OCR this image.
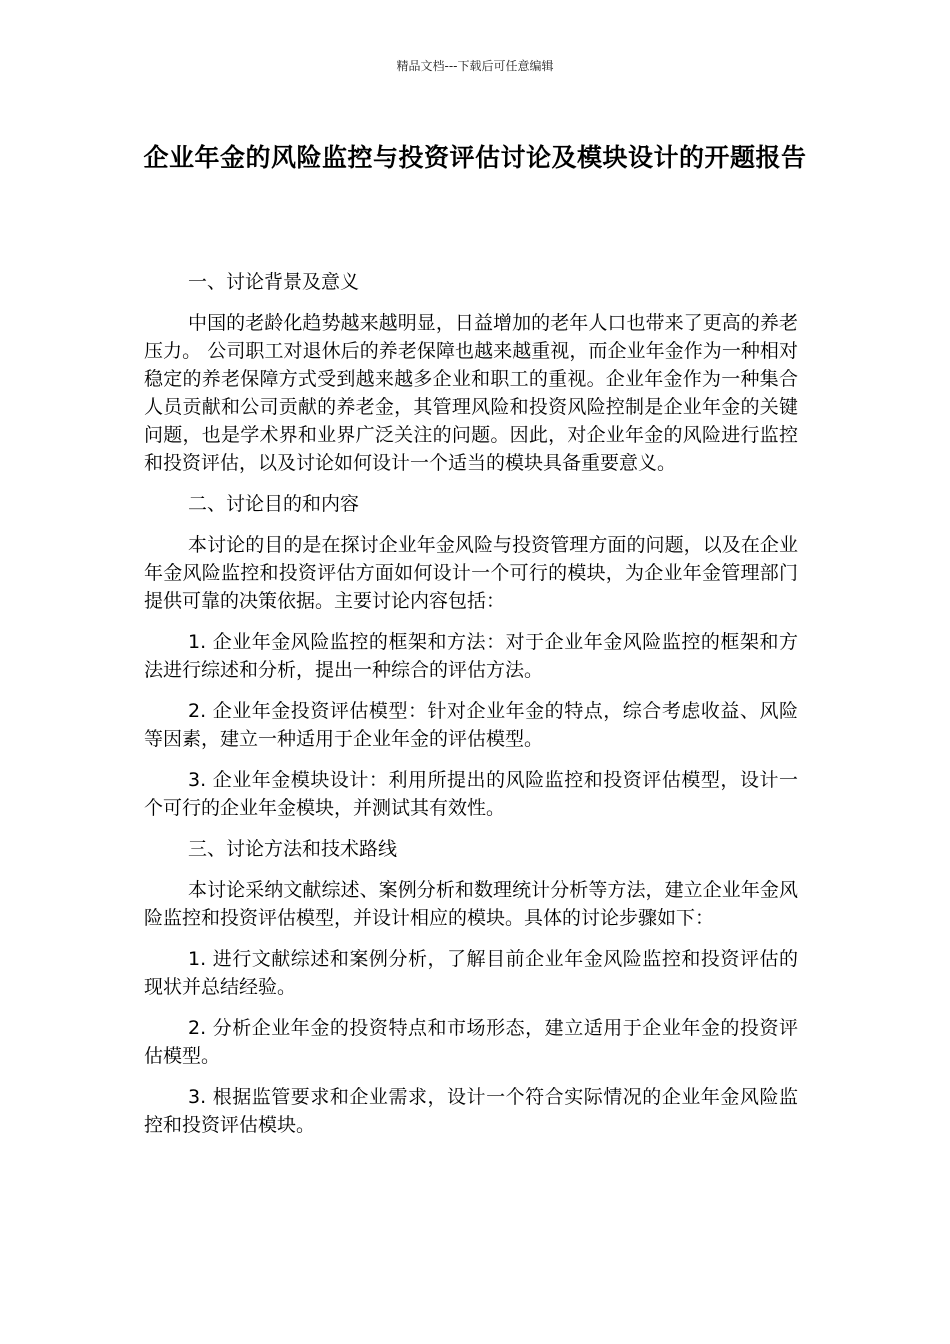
精品文档---下载后可任意编辑
企业年金的风险监控与投资评估讨论及模块设计的开题报告

一、讨论背景及意义

中国的老龄化趋势越来越明显，日益增加的老年人口也带来了更高的养老压力。 公司职工对退休后的养老保障也越来越重视，而企业年金作为一种相对稳定的养老保障方式受到越来越多企业和职工的重视。企业年金作为一种集合人员贡献和公司贡献的养老金，其管理风险和投资风险控制是企业年金的关键问题，也是学术界和业界广泛关注的问题。因此，对企业年金的风险进行监控和投资评估，以及讨论如何设计一个适当的模块具备重要意义。

二、讨论目的和内容

本讨论的目的是在探讨企业年金风险与投资管理方面的问题，以及在企业年金风险监控和投资评估方面如何设计一个可行的模块，为企业年金管理部门提供可靠的决策依据。主要讨论内容包括：

1. 企业年金风险监控的框架和方法：对于企业年金风险监控的框架和方法进行综述和分析，提出一种综合的评估方法。

2. 企业年金投资评估模型：针对企业年金的特点，综合考虑收益、风险等因素，建立一种适用于企业年金的评估模型。

3. 企业年金模块设计：利用所提出的风险监控和投资评估模型，设计一个可行的企业年金模块，并测试其有效性。

三、讨论方法和技术路线

本讨论采纳文献综述、案例分析和数理统计分析等方法，建立企业年金风险监控和投资评估模型，并设计相应的模块。具体的讨论步骤如下：

1. 进行文献综述和案例分析，了解目前企业年金风险监控和投资评估的现状并总结经验。

2. 分析企业年金的投资特点和市场形态，建立适用于企业年金的投资评估模型。

3. 根据监管要求和企业需求，设计一个符合实际情况的企业年金风险监控和投资评估模块。
